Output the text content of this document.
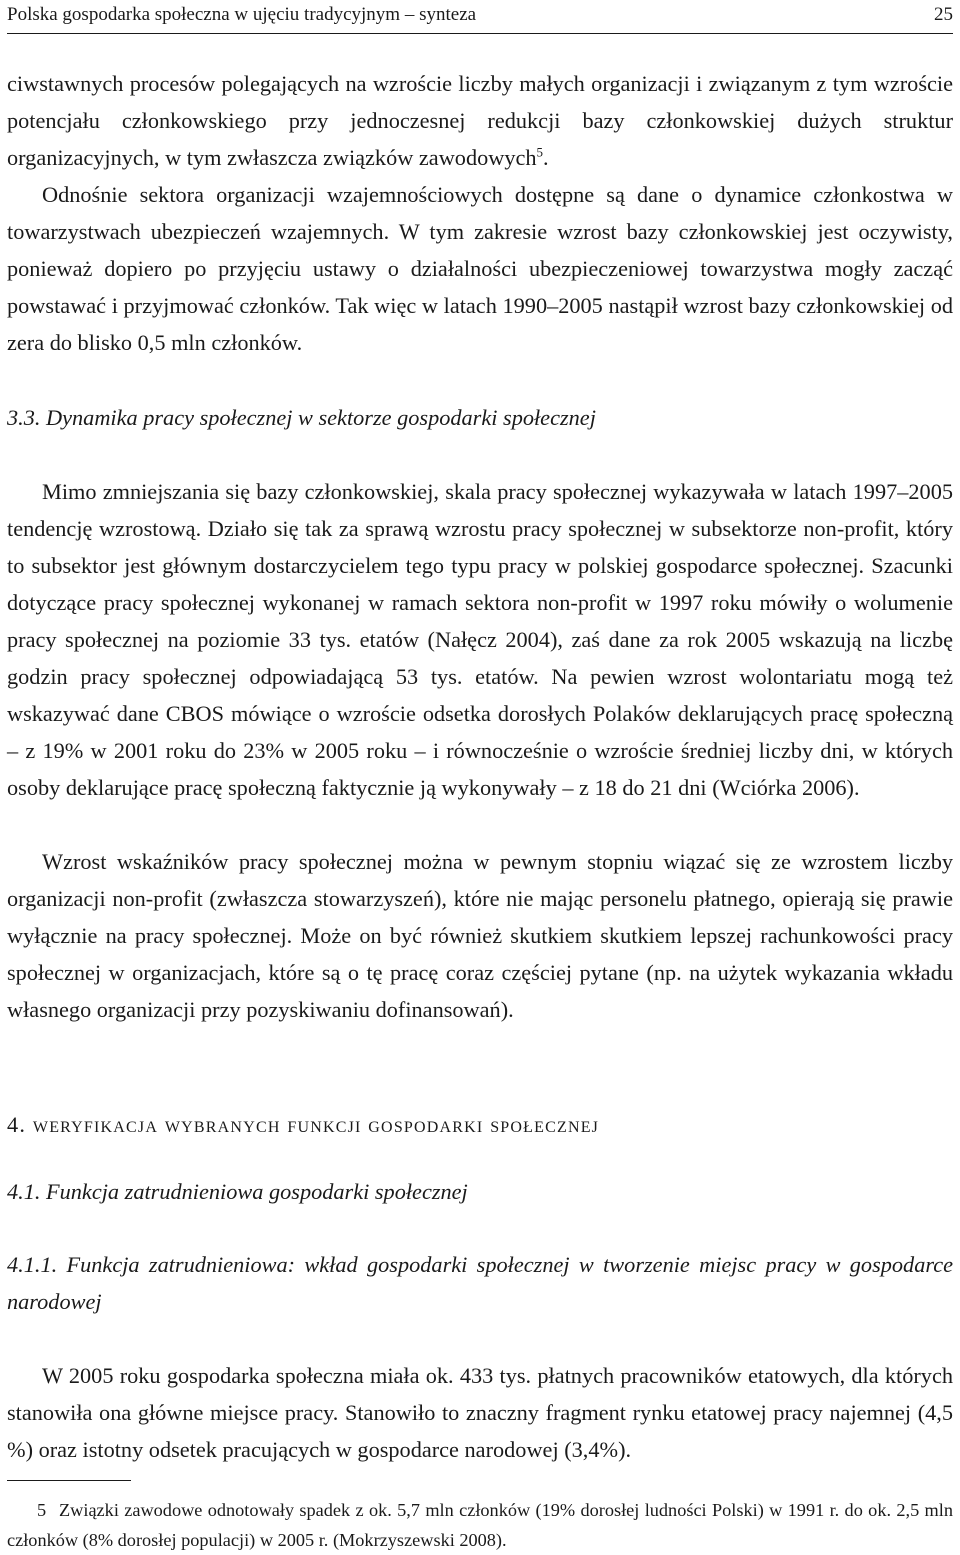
Polska gospodarka społeczna w ujęciu tradycyjnym – synteza	25

ciwstawnych procesów polegających na wzroście liczby małych organizacji i związanym z tym wzroście potencjału członkowskiego przy jednoczesnej redukcji bazy członkowskiej dużych struktur organizacyjnych, w tym zwłaszcza związków zawodowych$^5$.

Odnośnie sektora organizacji wzajemnościowych dostępne są dane o dynamice członkostwa w towarzystwach ubezpieczeń wzajemnych. W tym zakresie wzrost bazy członkowskiej jest oczywisty, ponieważ dopiero po przyjęciu ustawy o działalności ubezpieczeniowej towarzystwa mogły zacząć powstawać i przyjmować członków. Tak więc w latach 1990–2005 nastąpił wzrost bazy członkowskiej od zera do blisko 0,5 mln członków.

3.3. Dynamika pracy społecznej w sektorze gospodarki społecznej

Mimo zmniejszania się bazy członkowskiej, skala pracy społecznej wykazywała w latach 1997–2005 tendencję wzrostową. Działo się tak za sprawą wzrostu pracy społecznej w subsektorze non-profit, który to subsektor jest głównym dostarczycielem tego typu pracy w polskiej gospodarce społecznej. Szacunki dotyczące pracy społecznej wykonanej w ramach sektora non-profit w 1997 roku mówiły o wolumenie pracy społecznej na poziomie 33 tys. etatów (Nałęcz 2004), zaś dane za rok 2005 wskazują na liczbę godzin pracy społecznej odpowiadającą 53 tys. etatów. Na pewien wzrost wolontariatu mogą też wskazywać dane CBOS mówiące o wzroście odsetka dorosłych Polaków deklarujących pracę społeczną – z 19% w 2001 roku do 23% w 2005 roku – i równocześnie o wzroście średniej liczby dni, w których osoby deklarujące pracę społeczną faktycznie ją wykonywały – z 18 do 21 dni (Wciórka 2006).

Wzrost wskaźników pracy społecznej można w pewnym stopniu wiązać się ze wzrostem liczby organizacji non-profit (zwłaszcza stowarzyszeń), które nie mając personelu płatnego, opierają się prawie wyłącznie na pracy społecznej. Może on być również skutkiem skutkiem lepszej rachunkowości pracy społecznej w organizacjach, które są o tę pracę coraz częściej pytane (np. na użytek wykazania wkładu własnego organizacji przy pozyskiwaniu dofinansowań).

4. weryfikacja wybranych funkcji gospodarki społecznej

4.1. Funkcja zatrudnieniowa gospodarki społecznej

4.1.1. Funkcja zatrudnieniowa: wkład gospodarki społecznej w tworzenie miejsc pracy w gospodarce narodowej

W 2005 roku gospodarka społeczna miała ok. 433 tys. płatnych pracowników etatowych, dla których stanowiła ona główne miejsce pracy. Stanowiło to znaczny fragment rynku etatowej pracy najemnej (4,5 %) oraz istotny odsetek pracujących w gospodarce narodowej (3,4%).

5 Związki zawodowe odnotowały spadek z ok. 5,7 mln członków (19% dorosłej ludności Polski) w 1991 r. do ok. 2,5 mln członków (8% dorosłej populacji) w 2005 r. (Mokrzyszewski 2008).
